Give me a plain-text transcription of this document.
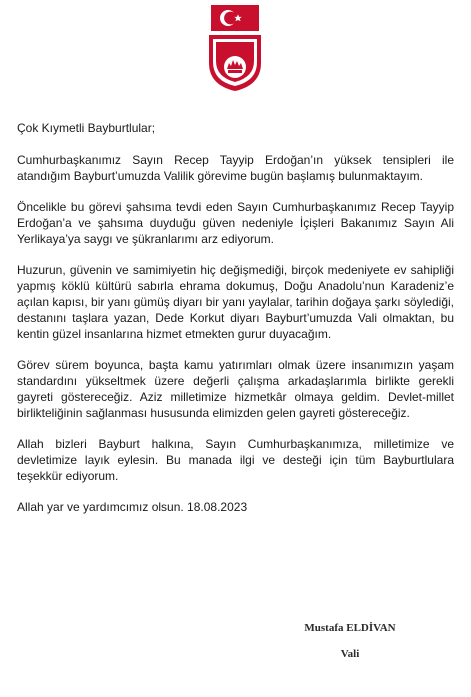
Çok Kıymetli Bayburtlular;

Cumhurbaşkanımız Sayın Recep Tayyip Erdoğan’ın yüksek tensipleri ile atandığım Bayburt’umuzda Valilik görevime bugün başlamış bulunmaktayım.

Öncelikle bu görevi şahsıma tevdi eden Sayın Cumhurbaşkanımız Recep Tayyip Erdoğan’a ve şahsıma duyduğu güven nedeniyle İçişleri Bakanımız Sayın Ali Yerlikaya’ya saygı ve şükranlarımı arz ediyorum.

Huzurun, güvenin ve samimiyetin hiç değişmediği, birçok medeniyete ev sahipliği yapmış köklü kültürü sabırla ehrama dokumuş, Doğu Anadolu’nun Karadeniz’e açılan kapısı, bir yanı gümüş diyarı bir yanı yaylalar, tarihin doğaya şarkı söylediği, destanını taşlara yazan, Dede Korkut diyarı Bayburt’umuzda Vali olmaktan, bu kentin güzel insanlarına hizmet etmekten gurur duyacağım.

Görev sürem boyunca, başta kamu yatırımları olmak üzere insanımızın yaşam standardını yükseltmek üzere değerli çalışma arkadaşlarımla birlikte gerekli gayreti göstereceğiz. Aziz milletimize hizmetkâr olmaya geldim. Devlet-millet birlikteliğinin sağlanması hususunda elimizden gelen gayreti göstereceğiz.

Allah bizleri Bayburt halkına, Sayın Cumhurbaşkanımıza, milletimize ve devletimize layık eylesin. Bu manada ilgi ve desteği için tüm Bayburtlulara teşekkür ediyorum.

Allah yar ve yardımcımız olsun. 18.08.2023

Mustafa ELDİVAN
Vali
